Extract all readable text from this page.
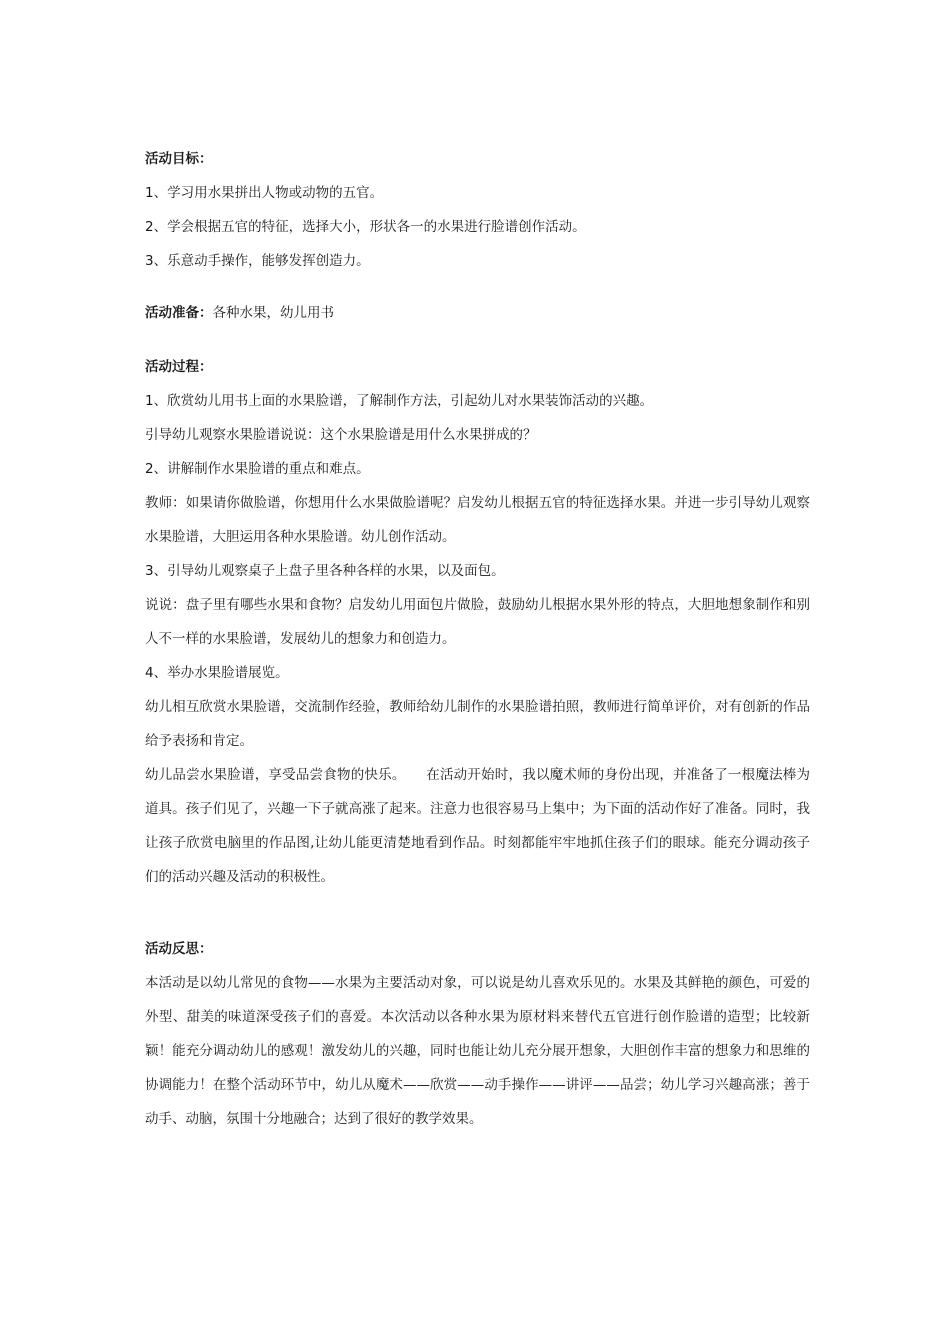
活动目标：
1、学习用水果拼出人物或动物的五官。
2、学会根据五官的特征，选择大小，形状各一的水果进行脸谱创作活动。
3、乐意动手操作，能够发挥创造力。
活动准备：各种水果，幼儿用书
活动过程：
1、欣赏幼儿用书上面的水果脸谱，了解制作方法，引起幼儿对水果装饰活动的兴趣。
引导幼儿观察水果脸谱说说：这个水果脸谱是用什么水果拼成的？
2、讲解制作水果脸谱的重点和难点。
教师：如果请你做脸谱，你想用什么水果做脸谱呢？启发幼儿根据五官的特征选择水果。并进一步引导幼儿观察水果脸谱，大胆运用各种水果脸谱。幼儿创作活动。
3、引导幼儿观察桌子上盘子里各种各样的水果，以及面包。
说说：盘子里有哪些水果和食物？启发幼儿用面包片做脸，鼓励幼儿根据水果外形的特点，大胆地想象制作和别人不一样的水果脸谱，发展幼儿的想象力和创造力。
4、举办水果脸谱展览。
幼儿相互欣赏水果脸谱，交流制作经验，教师给幼儿制作的水果脸谱拍照，教师进行简单评价，对有创新的作品给予表扬和肯定。
幼儿品尝水果脸谱，享受品尝食物的快乐。　　在活动开始时，我以魔术师的身份出现，并准备了一根魔法棒为道具。孩子们见了，兴趣一下子就高涨了起来。注意力也很容易马上集中；为下面的活动作好了准备。同时，我让孩子欣赏电脑里的作品图,让幼儿能更清楚地看到作品。时刻都能牢牢地抓住孩子们的眼球。能充分调动孩子们的活动兴趣及活动的积极性。
活动反思：
本活动是以幼儿常见的食物——水果为主要活动对象，可以说是幼儿喜欢乐见的。水果及其鲜艳的颜色，可爱的外型、甜美的味道深受孩子们的喜爱。本次活动以各种水果为原材料来替代五官进行创作脸谱的造型；比较新颖！能充分调动幼儿的感观！激发幼儿的兴趣，同时也能让幼儿充分展开想象，大胆创作丰富的想象力和思维的协调能力！在整个活动环节中，幼儿从魔术——欣赏——动手操作——讲评——品尝；幼儿学习兴趣高涨；善于动手、动脑，氛围十分地融合；达到了很好的教学效果。
